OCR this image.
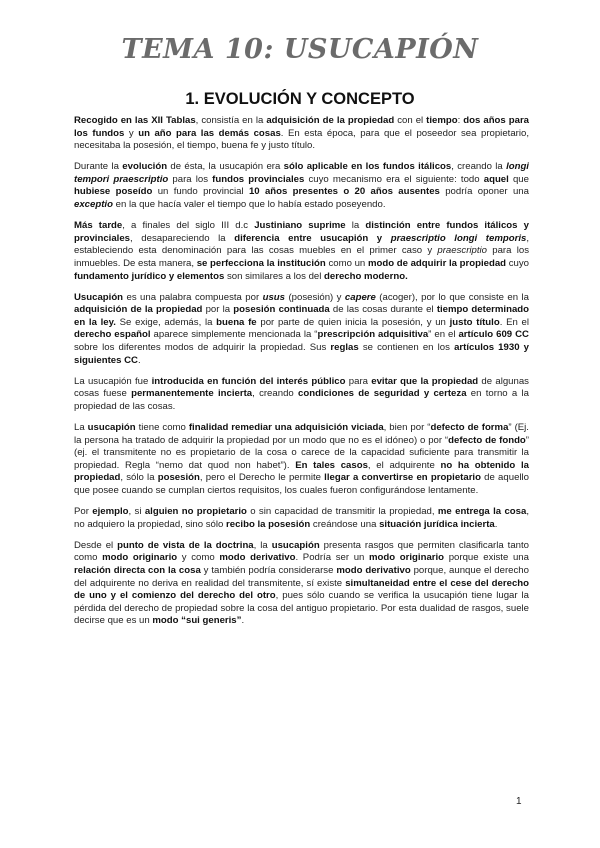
TEMA 10: USUCAPIÓN
1. EVOLUCIÓN Y CONCEPTO

Recogido en las XII Tablas, consistía en la adquisición de la propiedad con el tiempo: dos años para los fundos y un año para las demás cosas. En esta época, para que el poseedor sea propietario, necesitaba la posesión, el tiempo, buena fe y justo título.

Durante la evolución de ésta, la usucapión era sólo aplicable en los fundos itálicos, creando la longi tempori praescriptio para los fundos provinciales cuyo mecanismo era el siguiente: todo aquel que hubiese poseído un fundo provincial 10 años presentes o 20 años ausentes podría oponer una exceptio en la que hacía valer el tiempo que lo había estado poseyendo.

Más tarde, a finales del siglo III d.c Justiniano suprime la distinción entre fundos itálicos y provinciales, desapareciendo la diferencia entre usucapión y praescriptio longi temporis, estableciendo esta denominación para las cosas muebles en el primer caso y praescriptio para los inmuebles. De esta manera, se perfecciona la institución como un modo de adquirir la propiedad cuyo fundamento jurídico y elementos son similares a los del derecho moderno.

Usucapión es una palabra compuesta por usus (posesión) y capere (acoger), por lo que consiste en la adquisición de la propiedad por la posesión continuada de las cosas durante el tiempo determinado en la ley. Se exige, además, la buena fe por parte de quien inicia la posesión, y un justo título. En el derecho español aparece simplemente mencionada la “prescripción adquisitiva” en el artículo 609 CC sobre los diferentes modos de adquirir la propiedad. Sus reglas se contienen en los artículos 1930 y siguientes CC.

La usucapión fue introducida en función del interés público para evitar que la propiedad de algunas cosas fuese permanentemente incierta, creando condiciones de seguridad y certeza en torno a la propiedad de las cosas.

La usucapión tiene como finalidad remediar una adquisición viciada, bien por “defecto de forma” (Ej. la persona ha tratado de adquirir la propiedad por un modo que no es el idóneo) o por “defecto de fondo” (ej. el transmitente no es propietario de la cosa o carece de la capacidad suficiente para transmitir la propiedad. Regla “nemo dat quod non habet”). En tales casos, el adquirente no ha obtenido la propiedad, sólo la posesión, pero el Derecho le permite llegar a convertirse en propietario de aquello que posee cuando se cumplan ciertos requisitos, los cuales fueron configurándose lentamente.

Por ejemplo, si alguien no propietario o sin capacidad de transmitir la propiedad, me entrega la cosa, no adquiero la propiedad, sino sólo recibo la posesión creándose una situación jurídica incierta.

Desde el punto de vista de la doctrina, la usucapión presenta rasgos que permiten clasificarla tanto como modo originario y como modo derivativo. Podría ser un modo originario porque existe una relación directa con la cosa y también podría considerarse modo derivativo porque, aunque el derecho del adquirente no deriva en realidad del transmitente, sí existe simultaneidad entre el cese del derecho de uno y el comienzo del derecho del otro, pues sólo cuando se verifica la usucapión tiene lugar la pérdida del derecho de propiedad sobre la cosa del antiguo propietario. Por esta dualidad de rasgos, suele decirse que es un modo “sui generis”.

1
